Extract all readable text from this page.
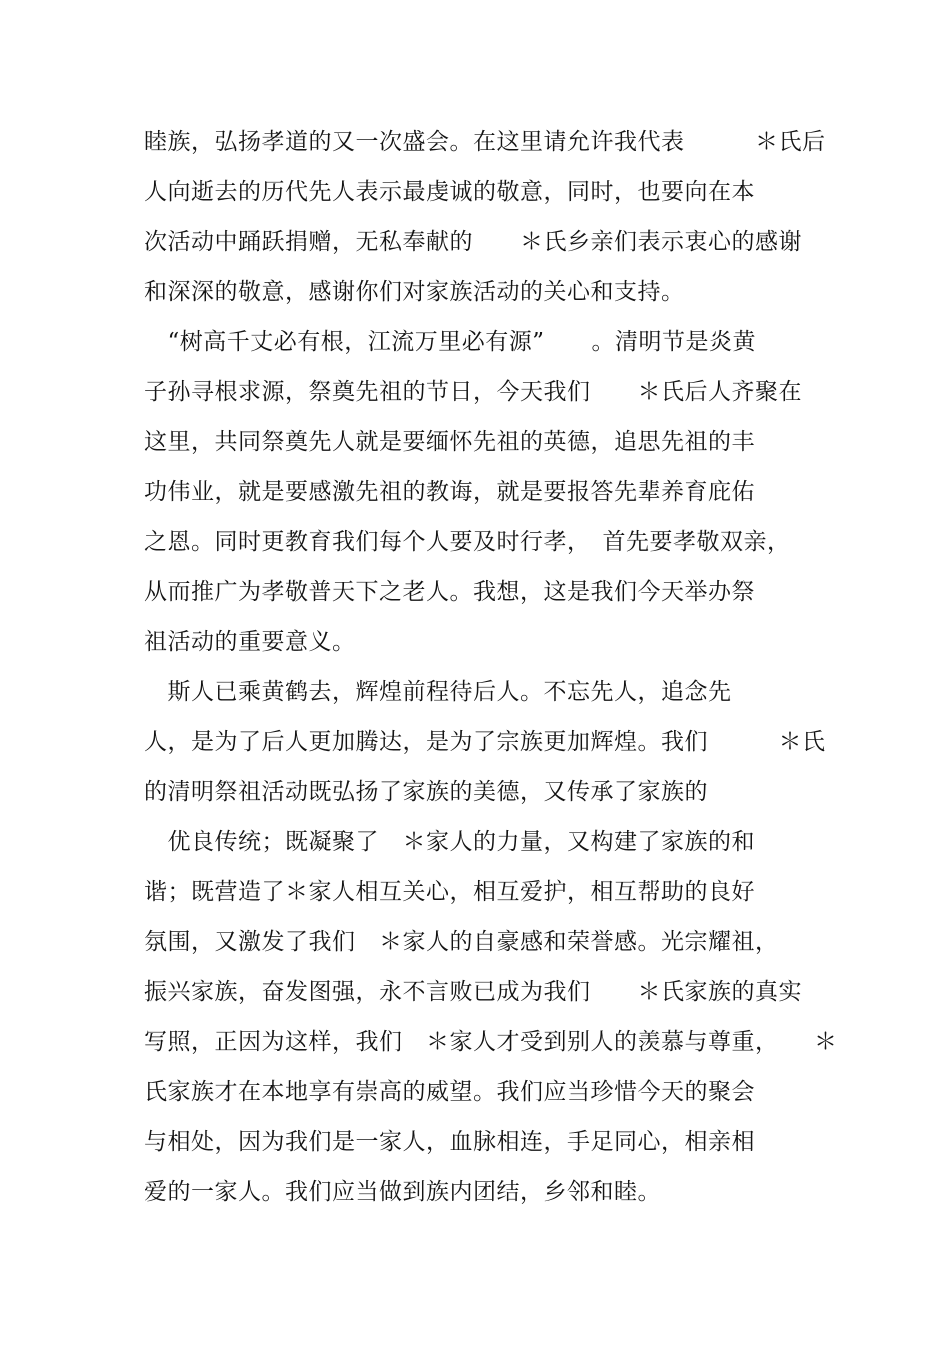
睦族，弘扬孝道的又一次盛会。在这里请允许我代表　　　＊氏后
人向逝去的历代先人表示最虔诚的敬意，同时，也要向在本
次活动中踊跃捐赠，无私奉献的　　＊氏乡亲们表示衷心的感谢
和深深的敬意，感谢你们对家族活动的关心和支持。
　“树高千丈必有根，江流万里必有源”　　。清明节是炎黄
子孙寻根求源，祭奠先祖的节日，今天我们　　＊氏后人齐聚在
这里，共同祭奠先人就是要缅怀先祖的英德，追思先祖的丰
功伟业，就是要感激先祖的教诲，就是要报答先辈养育庇佑
之恩。同时更教育我们每个人要及时行孝，　首先要孝敬双亲，
从而推广为孝敬普天下之老人。我想，这是我们今天举办祭
祖活动的重要意义。
　斯人已乘黄鹤去，辉煌前程待后人。不忘先人，追念先
人，是为了后人更加腾达，是为了宗族更加辉煌。我们　　　＊氏
的清明祭祖活动既弘扬了家族的美德，又传承了家族的
　优良传统；既凝聚了　＊家人的力量，又构建了家族的和
谐；既营造了＊家人相互关心，相互爱护，相互帮助的良好
氛围，又激发了我们　＊家人的自豪感和荣誉感。光宗耀祖，
振兴家族，奋发图强，永不言败已成为我们　　＊氏家族的真实
写照，正因为这样，我们　＊家人才受到别人的羡慕与尊重，　　＊
氏家族才在本地享有崇高的威望。我们应当珍惜今天的聚会
与相处，因为我们是一家人，血脉相连，手足同心，相亲相
爱的一家人。我们应当做到族内团结，乡邻和睦。
